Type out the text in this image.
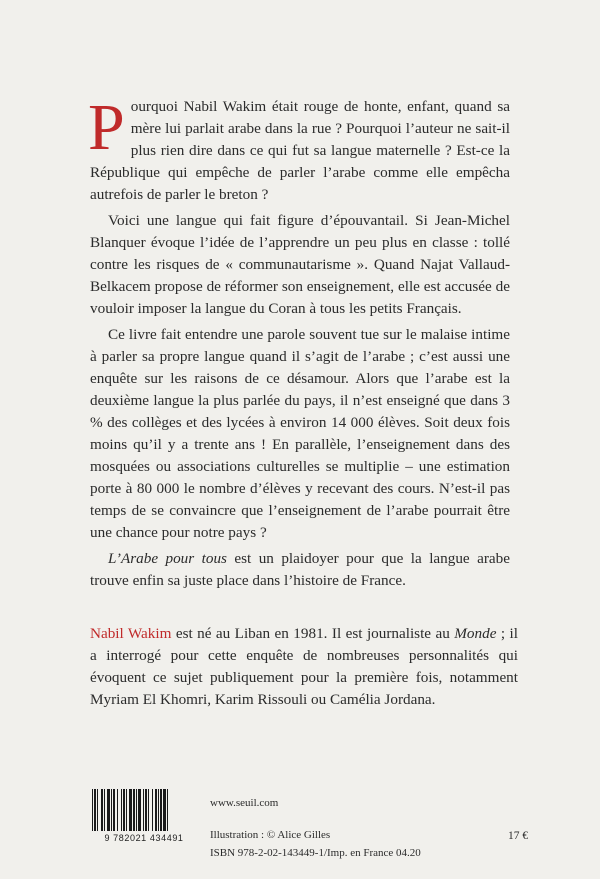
Pourquoi Nabil Wakim était rouge de honte, enfant, quand sa mère lui parlait arabe dans la rue ? Pourquoi l’auteur ne sait-il plus rien dire dans ce qui fut sa langue maternelle ? Est-ce la République qui empêche de parler l’arabe comme elle empêcha autrefois de parler le breton ?

Voici une langue qui fait figure d’épouvantail. Si Jean-Michel Blanquer évoque l’idée de l’apprendre un peu plus en classe : tollé contre les risques de « communautarisme ». Quand Najat Vallaud-Belkacem propose de réformer son enseignement, elle est accusée de vouloir imposer la langue du Coran à tous les petits Français.

Ce livre fait entendre une parole souvent tue sur le malaise intime à parler sa propre langue quand il s’agit de l’arabe ; c’est aussi une enquête sur les raisons de ce désamour. Alors que l’arabe est la deuxième langue la plus parlée du pays, il n’est enseigné que dans 3 % des collèges et des lycées à environ 14 000 élèves. Soit deux fois moins qu’il y a trente ans ! En parallèle, l’enseignement dans des mosquées ou associations culturelles se multiplie – une estimation porte à 80 000 le nombre d’élèves y recevant des cours. N’est-il pas temps de se convaincre que l’enseignement de l’arabe pourrait être une chance pour notre pays ?

L’Arabe pour tous est un plaidoyer pour que la langue arabe trouve enfin sa juste place dans l’histoire de France.

Nabil Wakim est né au Liban en 1981. Il est journaliste au Monde ; il a interrogé pour cette enquête de nombreuses personnalités qui évoquent ce sujet publiquement pour la première fois, notamment Myriam El Khomri, Karim Rissouli ou Camélia Jordana.
9 782021 434491
www.seuil.com
Illustration : © Alice Gilles
ISBN 978-2-02-143449-1/Imp. en France 04.20
17 €
